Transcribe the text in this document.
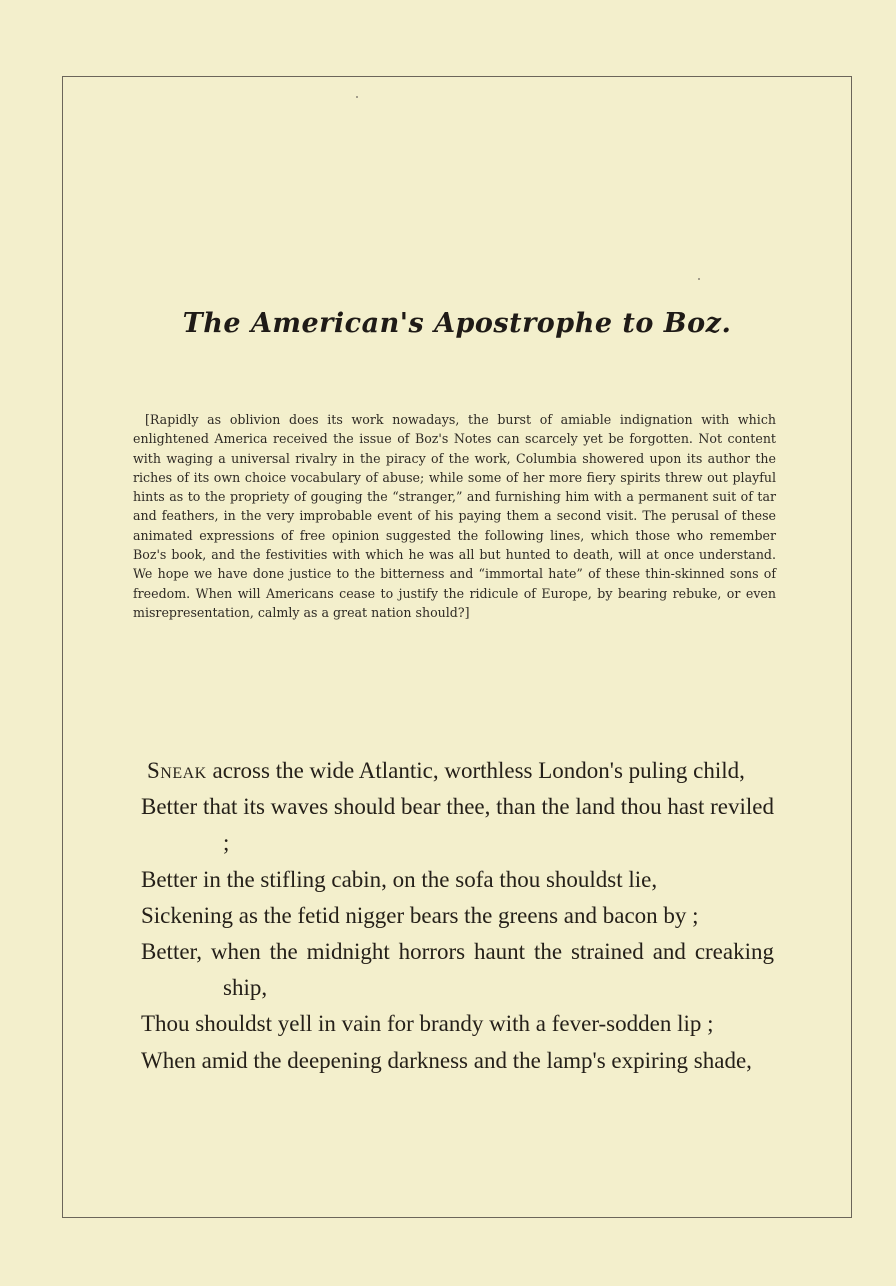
The American's Apostrophe to Boz.

[Rapidly as oblivion does its work nowadays, the burst of amiable indignation with which enlightened America received the issue of Boz's Notes can scarcely yet be forgotten. Not content with waging a universal rivalry in the piracy of the work, Columbia showered upon its author the riches of its own choice vocabulary of abuse; while some of her more fiery spirits threw out playful hints as to the propriety of gouging the “stranger,” and furnishing him with a permanent suit of tar and feathers, in the very improbable event of his paying them a second visit. The perusal of these animated expressions of free opinion suggested the following lines, which those who remember Boz's book, and the festivities with which he was all but hunted to death, will at once understand. We hope we have done justice to the bitterness and “immortal hate” of these thin-skinned sons of freedom. When will Americans cease to justify the ridicule of Europe, by bearing rebuke, or even misrepresentation, calmly as a great nation should?]

Sneak across the wide Atlantic, worthless London's puling child,

Better that its waves should bear thee, than the land thou hast reviled ;

Better in the stifling cabin, on the sofa thou shouldst lie,

Sickening as the fetid nigger bears the greens and bacon by ;

Better, when the midnight horrors haunt the strained and creaking ship,

Thou shouldst yell in vain for brandy with a fever-sodden lip ;

When amid the deepening darkness and the lamp's expiring shade,
